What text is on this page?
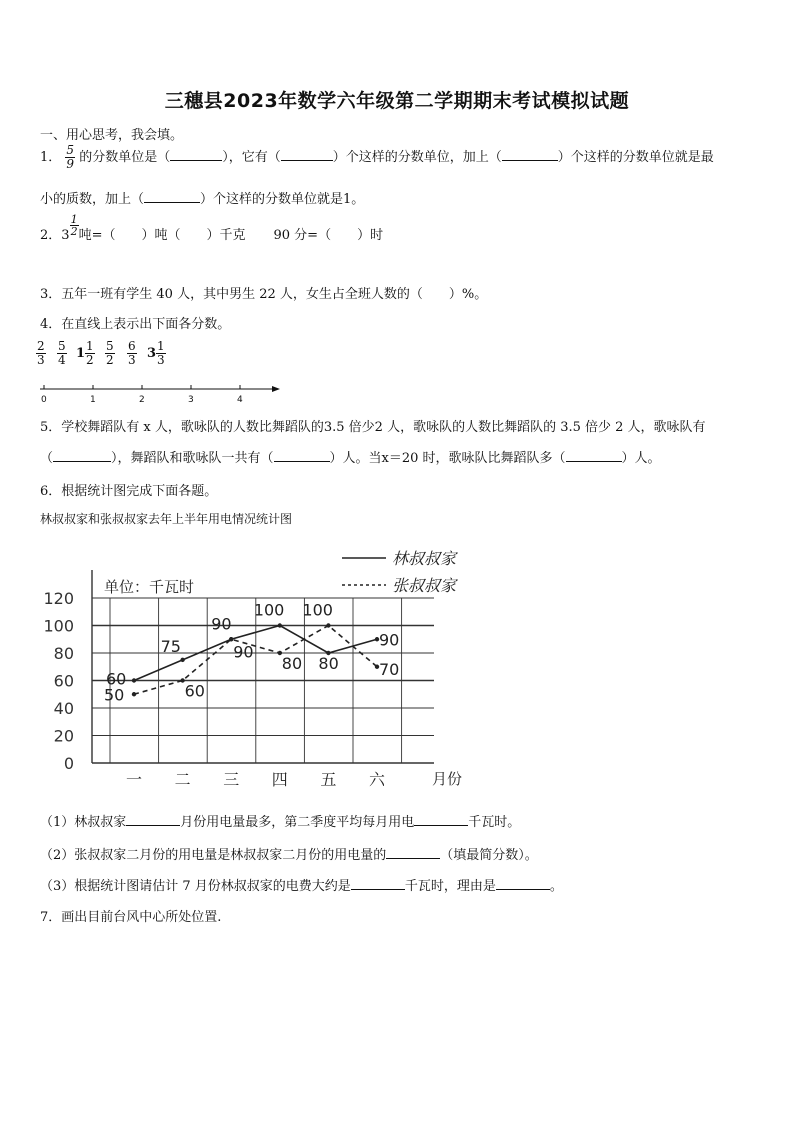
三穗县2023年数学六年级第二学期期末考试模拟试题
一、用心思考，我会填。
1． $\frac{5}{9}$ 的分数单位是（	），它有（	）个这样的分数单位，加上（	）个这样的分数单位就是最
小的质数，加上（	）个这样的分数单位就是1。
2．$3 \frac{1}{2}$ 吨=（ ）吨（ ）千克 90 分=（ ）时
3．五年一班有学生 40 人，其中男生 22 人，女生占全班人数的（　　）%。
4．在直线上表示出下面各分数。
$\frac{2}{3} \frac{5}{4} 1 \frac{1}{2} \frac{5}{2} \frac{6}{3} 3 \frac{1}{3}$
0	1	2	3	4
5．学校舞蹈队有 x 人，歌咏队的人数比舞蹈队的3.5 倍少2 人，歌咏队的人数比舞蹈队的 3.5 倍少 2 人，歌咏队有
（	），舞蹈队和歌咏队一共有（	）人。当x＝20 时，歌咏队比舞蹈队多（	）人。
6．根据统计图完成下面各题。
林叔叔家和张叔叔家去年上半年用电情况统计图
0
20
40
60
80
100
120
一 二 三 四 五 六
60
75
90
100
80
90
50	60
90
80
100
70
单位：千瓦时
月份
林叔叔家
张叔叔家
（1）林叔叔家	月份用电量最多，第二季度平均每月用电	千瓦时。
（2）张叔叔家二月份的用电量是林叔叔家二月份的用电量的	（填最简分数）。
（3）根据统计图请估计 7 月份林叔叔家的电费大约是	千瓦时，理由是	。
7．画出目前台风中心所处位置.
